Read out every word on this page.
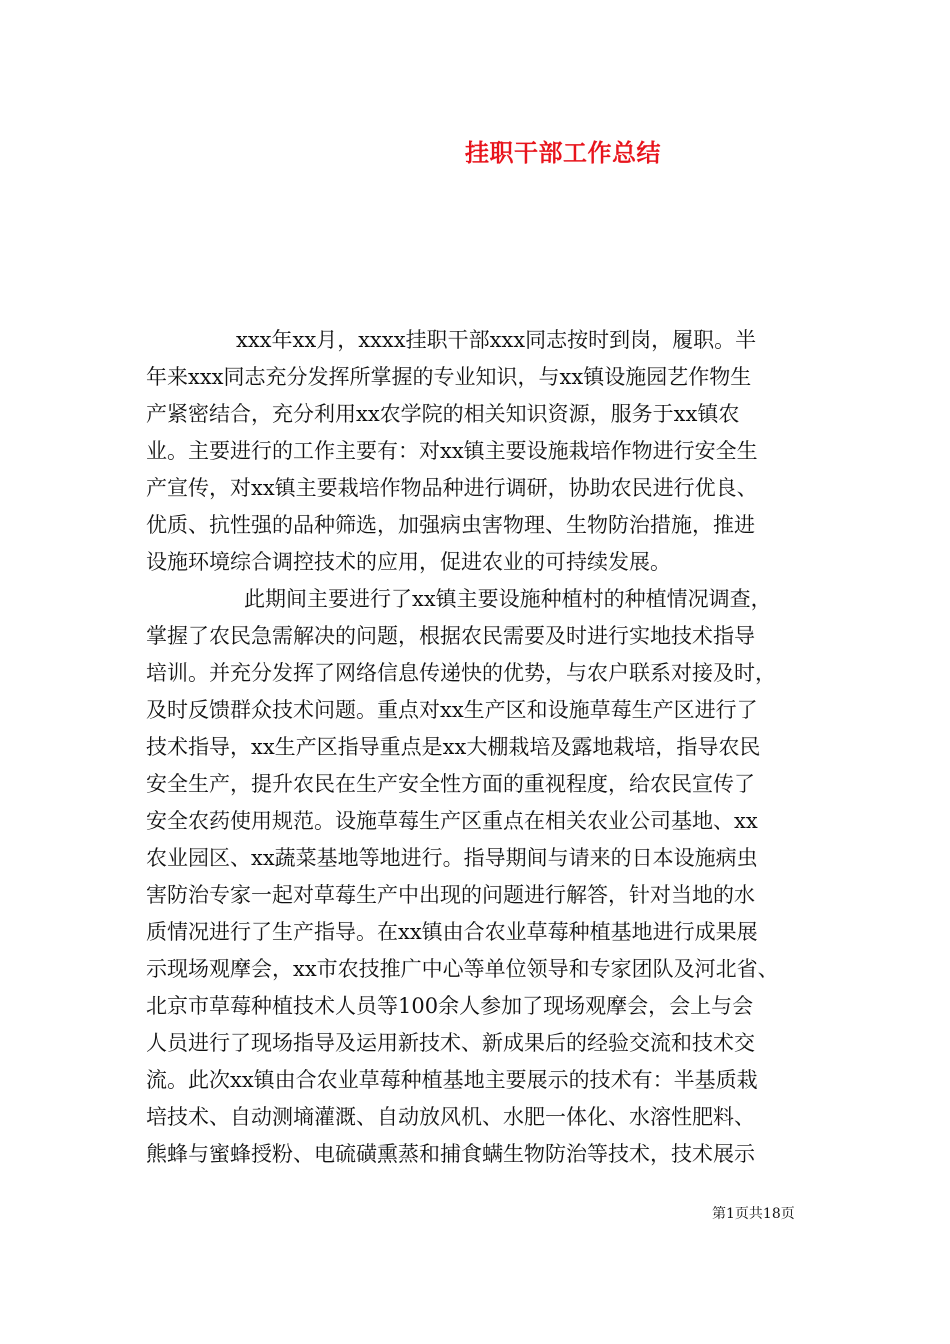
挂职干部工作总结
xxx年xx月，xxxx挂职干部xxx同志按时到岗，履职。半
年来xxx同志充分发挥所掌握的专业知识，与xx镇设施园艺作物生
产紧密结合，充分利用xx农学院的相关知识资源，服务于xx镇农
业。主要进行的工作主要有：对xx镇主要设施栽培作物进行安全生
产宣传，对xx镇主要栽培作物品种进行调研，协助农民进行优良、
优质、抗性强的品种筛选，加强病虫害物理、生物防治措施，推进
设施环境综合调控技术的应用，促进农业的可持续发展。
此期间主要进行了xx镇主要设施种植村的种植情况调查，
掌握了农民急需解决的问题，根据农民需要及时进行实地技术指导
培训。并充分发挥了网络信息传递快的优势，与农户联系对接及时，
及时反馈群众技术问题。重点对xx生产区和设施草莓生产区进行了
技术指导，xx生产区指导重点是xx大棚栽培及露地栽培，指导农民
安全生产，提升农民在生产安全性方面的重视程度，给农民宣传了
安全农药使用规范。设施草莓生产区重点在相关农业公司基地、xx
农业园区、xx蔬菜基地等地进行。指导期间与请来的日本设施病虫
害防治专家一起对草莓生产中出现的问题进行解答，针对当地的水
质情况进行了生产指导。在xx镇由合农业草莓种植基地进行成果展
示现场观摩会，xx市农技推广中心等单位领导和专家团队及河北省、
北京市草莓种植技术人员等100余人参加了现场观摩会，会上与会
人员进行了现场指导及运用新技术、新成果后的经验交流和技术交
流。此次xx镇由合农业草莓种植基地主要展示的技术有：半基质栽
培技术、自动测墒灌溉、自动放风机、水肥一体化、水溶性肥料、
熊蜂与蜜蜂授粉、电硫磺熏蒸和捕食螨生物防治等技术，技术展示
第1页共18页
